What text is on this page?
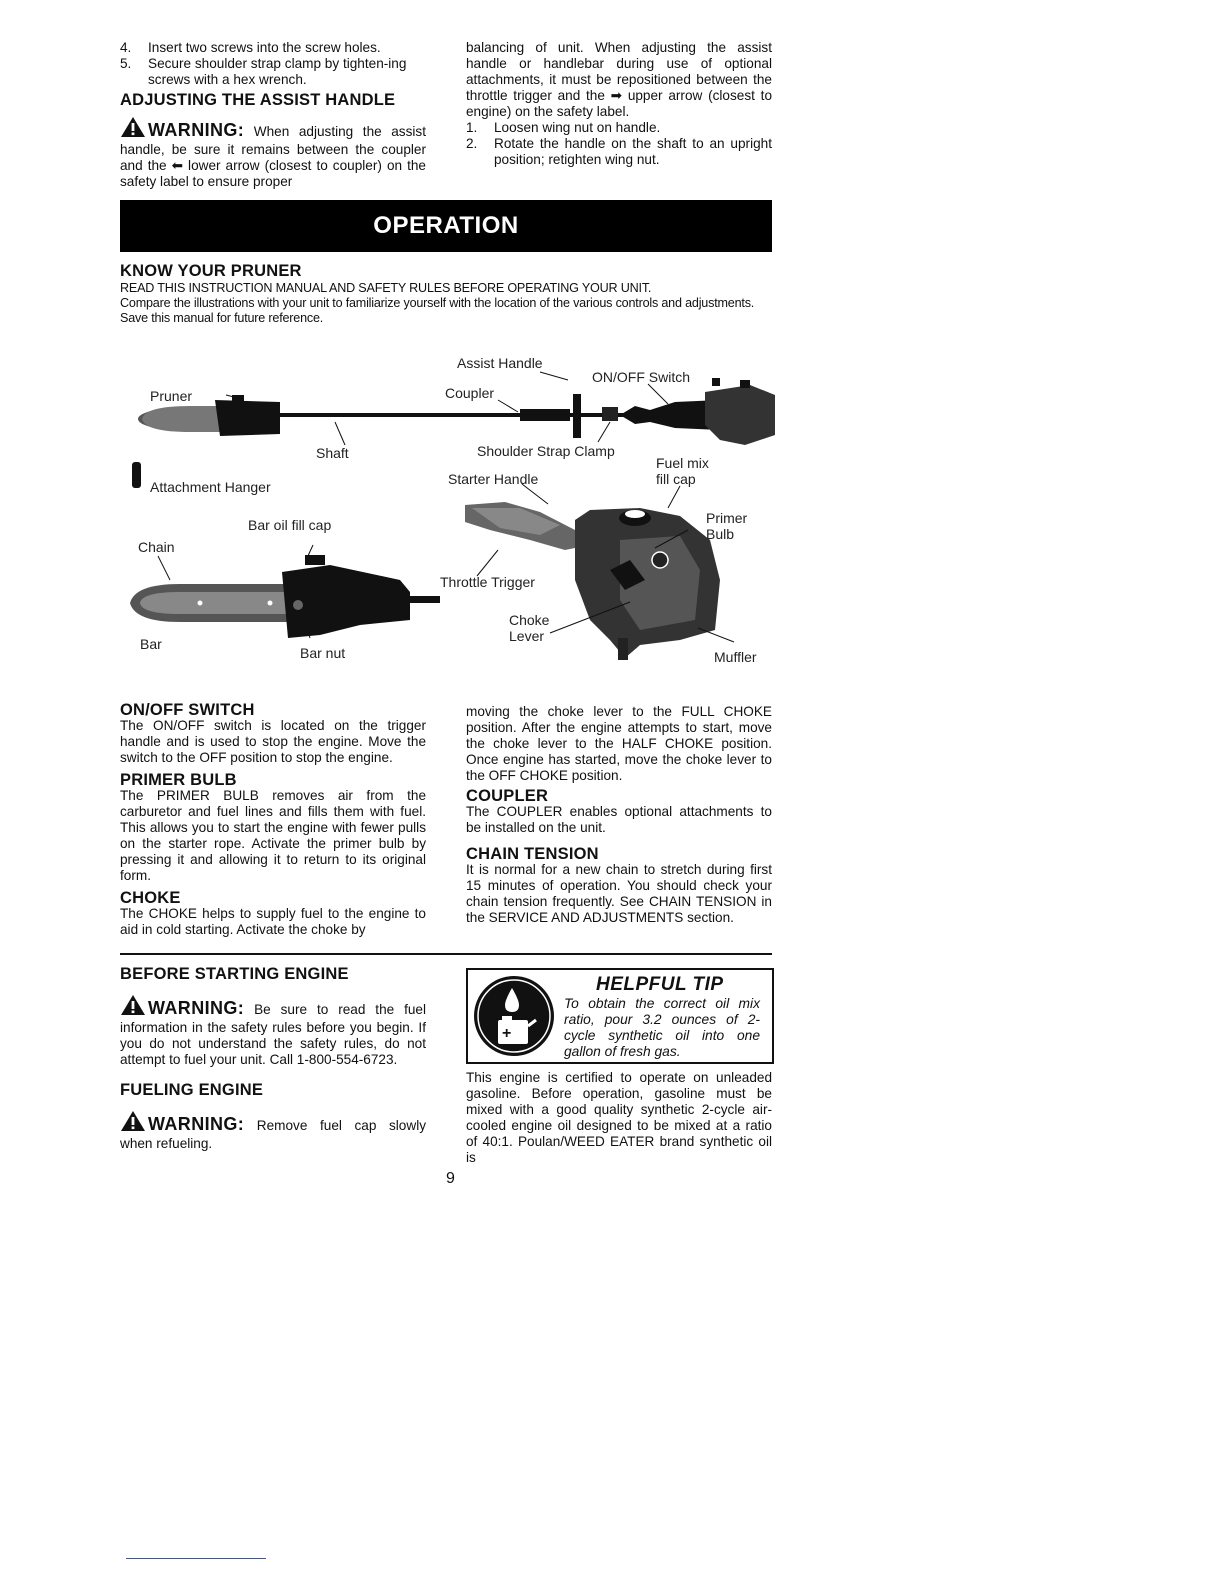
4. Insert two screws into the screw holes.
5. Secure shoulder strap clamp by tighten-ing screws with a hex wrench.
ADJUSTING THE ASSIST HANDLE
WARNING: When adjusting the assist handle, be sure it remains between the coupler and the ⬅ lower arrow (closest to coupler) on the safety label to ensure proper
balancing of unit. When adjusting the assist handle or handlebar during use of optional attachments, it must be repositioned between the throttle trigger and the ➡ upper arrow (closest to engine) on the safety label.
1. Loosen wing nut on handle.
2. Rotate the handle on the shaft to an upright position; retighten wing nut.
OPERATION
KNOW YOUR PRUNER
READ THIS INSTRUCTION MANUAL AND SAFETY RULES BEFORE OPERATING YOUR UNIT.
Compare the illustrations with your unit to familiarize yourself with the location of the various controls and adjustments. Save this manual for future reference.
Pruner
Shaft
Attachment Hanger
Assist Handle
Coupler
ON/OFF Switch
Shoulder Strap Clamp
Fuel mix
fill cap
Starter Handle
Primer
Bulb
Bar oil fill cap
Chain
Throttle Trigger
Choke
Lever
Bar
Bar nut	Muffler
ON/OFF SWITCH
The ON/OFF switch is located on the trigger handle and is used to stop the engine. Move the switch to the OFF position to stop the engine.
PRIMER BULB
The PRIMER BULB removes air from the carburetor and fuel lines and fills them with fuel. This allows you to start the engine with fewer pulls on the starter rope. Activate the primer bulb by pressing it and allowing it to return to its original form.
CHOKE
The CHOKE helps to supply fuel to the engine to aid in cold starting. Activate the choke by
moving the choke lever to the FULL CHOKE position. After the engine attempts to start, move the choke lever to the HALF CHOKE position. Once engine has started, move the choke lever to the OFF CHOKE position.
COUPLER
The COUPLER enables optional attachments to be installed on the unit.
CHAIN TENSION
It is normal for a new chain to stretch during first 15 minutes of operation. You should check your chain tension frequently. See CHAIN TENSION in the SERVICE AND ADJUSTMENTS section.
BEFORE STARTING ENGINE
WARNING: Be sure to read the fuel information in the safety rules before you begin. If you do not understand the safety rules, do not attempt to fuel your unit. Call 1-800-554-6723.
FUELING ENGINE
WARNING: Remove fuel cap slowly when refueling.
+
HELPFUL TIP
To obtain the correct oil mix ratio, pour 3.2 ounces of 2-cycle synthetic oil into one gallon of fresh gas.
This engine is certified to operate on unleaded gasoline. Before operation, gasoline must be mixed with a good quality synthetic 2-cycle air-cooled engine oil designed to be mixed at a ratio of 40:1. Poulan/WEED EATER brand synthetic oil is
9
